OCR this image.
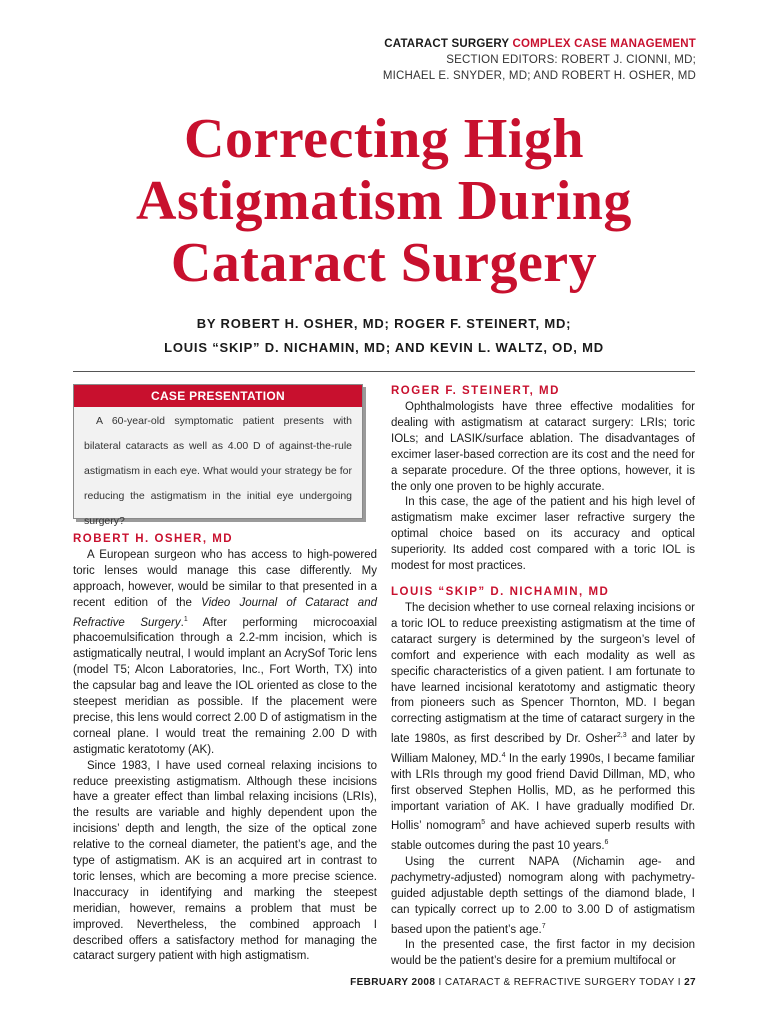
CATARACT SURGERY COMPLEX CASE MANAGEMENT
SECTION EDITORS: ROBERT J. CIONNI, MD;
MICHAEL E. SNYDER, MD; AND ROBERT H. OSHER, MD
Correcting High
Astigmatism During
Cataract Surgery
BY ROBERT H. OSHER, MD; ROGER F. STEINERT, MD;
LOUIS “SKIP” D. NICHAMIN, MD; AND KEVIN L. WALTZ, OD, MD
CASE PRESENTATION

A 60-year-old symptomatic patient presents with bilateral cataracts as well as 4.00 D of against-the-rule astigmatism in each eye. What would your strategy be for reducing the astigmatism in the initial eye undergoing surgery?

ROBERT H. OSHER, MD

A European surgeon who has access to high-powered toric lenses would manage this case differently. My approach, however, would be similar to that presented in a recent edition of the Video Journal of Cataract and Refractive Surgery.$^1$ After performing microcoaxial phacoemulsification through a 2.2-mm incision, which is astigmatically neutral, I would implant an AcrySof Toric lens (model T5; Alcon Laboratories, Inc., Fort Worth, TX) into the capsular bag and leave the IOL oriented as close to the steepest meridian as possible. If the placement were precise, this lens would correct 2.00 D of astigmatism in the corneal plane. I would treat the remaining 2.00 D with astigmatic keratotomy (AK).

Since 1983, I have used corneal relaxing incisions to reduce preexisting astigmatism. Although these incisions have a greater effect than limbal relaxing incisions (LRIs), the results are variable and highly dependent upon the incisions’ depth and length, the size of the optical zone relative to the corneal diameter, the patient’s age, and the type of astigmatism. AK is an acquired art in contrast to toric lenses, which are becoming a more precise science. Inaccuracy in identifying and marking the steepest meridian, however, remains a problem that must be improved. Nevertheless, the combined approach I described offers a satisfactory method for managing the cataract surgery patient with high astigmatism.

ROGER F. STEINERT, MD

Ophthalmologists have three effective modalities for dealing with astigmatism at cataract surgery: LRIs; toric IOLs; and LASIK/surface ablation. The disadvantages of excimer laser-based correction are its cost and the need for a separate procedure. Of the three options, however, it is the only one proven to be highly accurate.

In this case, the age of the patient and his high level of astigmatism make excimer laser refractive surgery the optimal choice based on its accuracy and optical superiority. Its added cost compared with a toric IOL is modest for most practices.

LOUIS “SKIP” D. NICHAMIN, MD

The decision whether to use corneal relaxing incisions or a toric IOL to reduce preexisting astigmatism at the time of cataract surgery is determined by the surgeon’s level of comfort and experience with each modality as well as specific characteristics of a given patient. I am fortunate to have learned incisional keratotomy and astigmatic theory from pioneers such as Spencer Thornton, MD. I began correcting astigmatism at the time of cataract surgery in the late 1980s, as first described by Dr. Osher$^{2,3}$ and later by William Maloney, MD.$^4$ In the early 1990s, I became familiar with LRIs through my good friend David Dillman, MD, who first observed Stephen Hollis, MD, as he performed this important variation of AK. I have gradually modified Dr. Hollis’ nomogram$^5$ and have achieved superb results with stable outcomes during the past 10 years.$^6$

Using the current NAPA (Nichamin age- and pachymetry-adjusted) nomogram along with pachymetry-guided adjustable depth settings of the diamond blade, I can typically correct up to 2.00 to 3.00 D of astigmatism based upon the patient’s age.$^7$

In the presented case, the first factor in my decision would be the patient’s desire for a premium multifocal or

FEBRUARY 2008 I CATARACT & REFRACTIVE SURGERY TODAY I 27
